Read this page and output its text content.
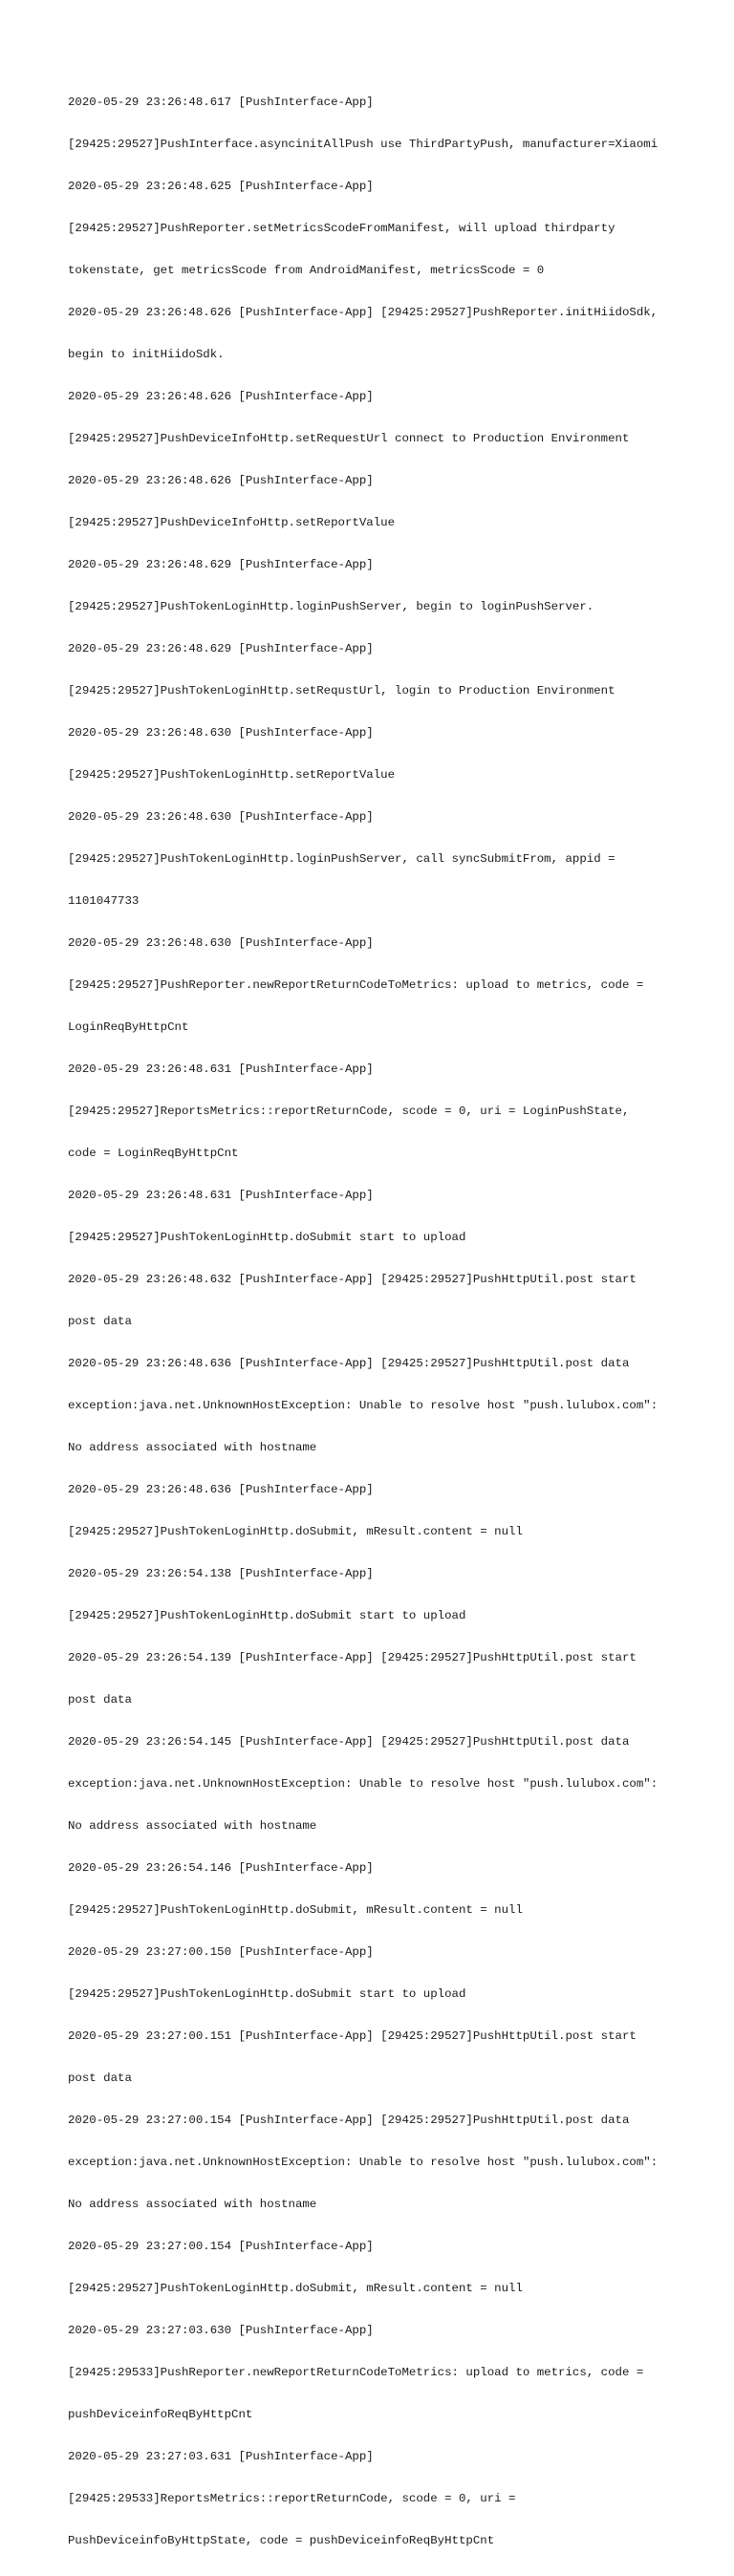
2020-05-29 23:26:48.617 [PushInterface-App]

[29425:29527]PushInterface.asyncinitAllPush use ThirdPartyPush, manufacturer=Xiaomi

2020-05-29 23:26:48.625 [PushInterface-App]

[29425:29527]PushReporter.setMetricsScodeFromManifest, will upload thirdparty

tokenstate, get metricsScode from AndroidManifest, metricsScode = 0

2020-05-29 23:26:48.626 [PushInterface-App] [29425:29527]PushReporter.initHiidoSdk,

begin to initHiidoSdk.

2020-05-29 23:26:48.626 [PushInterface-App]

[29425:29527]PushDeviceInfoHttp.setRequestUrl connect to Production Environment

2020-05-29 23:26:48.626 [PushInterface-App]

[29425:29527]PushDeviceInfoHttp.setReportValue

2020-05-29 23:26:48.629 [PushInterface-App]

[29425:29527]PushTokenLoginHttp.loginPushServer, begin to loginPushServer.

2020-05-29 23:26:48.629 [PushInterface-App]

[29425:29527]PushTokenLoginHttp.setRequstUrl, login to Production Environment

2020-05-29 23:26:48.630 [PushInterface-App]

[29425:29527]PushTokenLoginHttp.setReportValue

2020-05-29 23:26:48.630 [PushInterface-App]

[29425:29527]PushTokenLoginHttp.loginPushServer, call syncSubmitFrom, appid =

1101047733

2020-05-29 23:26:48.630 [PushInterface-App]

[29425:29527]PushReporter.newReportReturnCodeToMetrics: upload to metrics, code =

LoginReqByHttpCnt

2020-05-29 23:26:48.631 [PushInterface-App]

[29425:29527]ReportsMetrics::reportReturnCode, scode = 0, uri = LoginPushState,

code = LoginReqByHttpCnt

2020-05-29 23:26:48.631 [PushInterface-App]

[29425:29527]PushTokenLoginHttp.doSubmit start to upload

2020-05-29 23:26:48.632 [PushInterface-App] [29425:29527]PushHttpUtil.post start

post data

2020-05-29 23:26:48.636 [PushInterface-App] [29425:29527]PushHttpUtil.post data

exception:java.net.UnknownHostException: Unable to resolve host "push.lulubox.com":

No address associated with hostname

2020-05-29 23:26:48.636 [PushInterface-App]

[29425:29527]PushTokenLoginHttp.doSubmit, mResult.content = null

2020-05-29 23:26:54.138 [PushInterface-App]

[29425:29527]PushTokenLoginHttp.doSubmit start to upload

2020-05-29 23:26:54.139 [PushInterface-App] [29425:29527]PushHttpUtil.post start

post data

2020-05-29 23:26:54.145 [PushInterface-App] [29425:29527]PushHttpUtil.post data

exception:java.net.UnknownHostException: Unable to resolve host "push.lulubox.com":

No address associated with hostname

2020-05-29 23:26:54.146 [PushInterface-App]

[29425:29527]PushTokenLoginHttp.doSubmit, mResult.content = null

2020-05-29 23:27:00.150 [PushInterface-App]

[29425:29527]PushTokenLoginHttp.doSubmit start to upload

2020-05-29 23:27:00.151 [PushInterface-App] [29425:29527]PushHttpUtil.post start

post data

2020-05-29 23:27:00.154 [PushInterface-App] [29425:29527]PushHttpUtil.post data

exception:java.net.UnknownHostException: Unable to resolve host "push.lulubox.com":

No address associated with hostname

2020-05-29 23:27:00.154 [PushInterface-App]

[29425:29527]PushTokenLoginHttp.doSubmit, mResult.content = null

2020-05-29 23:27:03.630 [PushInterface-App]

[29425:29533]PushReporter.newReportReturnCodeToMetrics: upload to metrics, code =

pushDeviceinfoReqByHttpCnt

2020-05-29 23:27:03.631 [PushInterface-App]

[29425:29533]ReportsMetrics::reportReturnCode, scode = 0, uri =

PushDeviceinfoByHttpState, code = pushDeviceinfoReqByHttpCnt
